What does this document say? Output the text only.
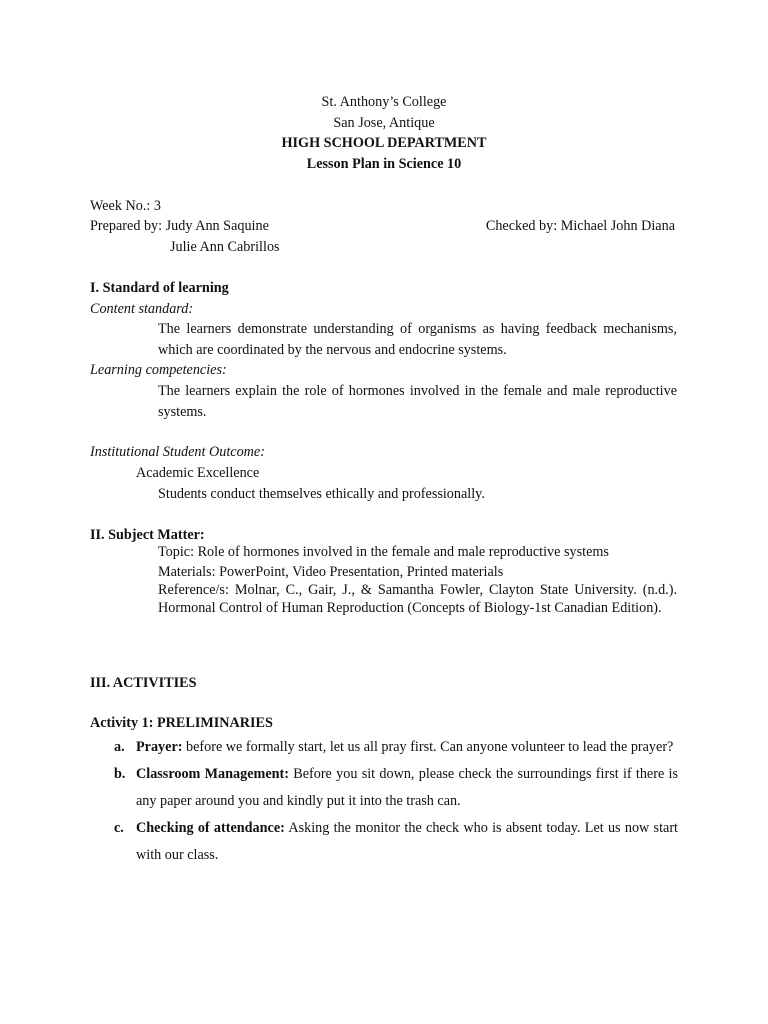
St. Anthony’s College
San Jose, Antique
HIGH SCHOOL DEPARTMENT
Lesson Plan in Science 10
Week No.: 3
Prepared by: Judy Ann Saquine	Checked by: Michael John Diana
Julie Ann Cabrillos
I. Standard of learning
Content standard:
The learners demonstrate understanding of organisms as having feedback mechanisms, which are coordinated by the nervous and endocrine systems.
Learning competencies:
The learners explain the role of hormones involved in the female and male reproductive systems.
Institutional Student Outcome:
Academic Excellence
Students conduct themselves ethically and professionally.
II. Subject Matter:
Topic: Role of hormones involved in the female and male reproductive systems
Materials: PowerPoint, Video Presentation, Printed materials
Reference/s: Molnar, C., Gair, J., & Samantha Fowler, Clayton State University. (n.d.). Hormonal Control of Human Reproduction (Concepts of Biology-1st Canadian Edition).
III. ACTIVITIES
Activity 1: PRELIMINARIES
a. Prayer: before we formally start, let us all pray first. Can anyone volunteer to lead the prayer?
b. Classroom Management: Before you sit down, please check the surroundings first if there is any paper around you and kindly put it into the trash can.
c. Checking of attendance: Asking the monitor the check who is absent today. Let us now start with our class.
